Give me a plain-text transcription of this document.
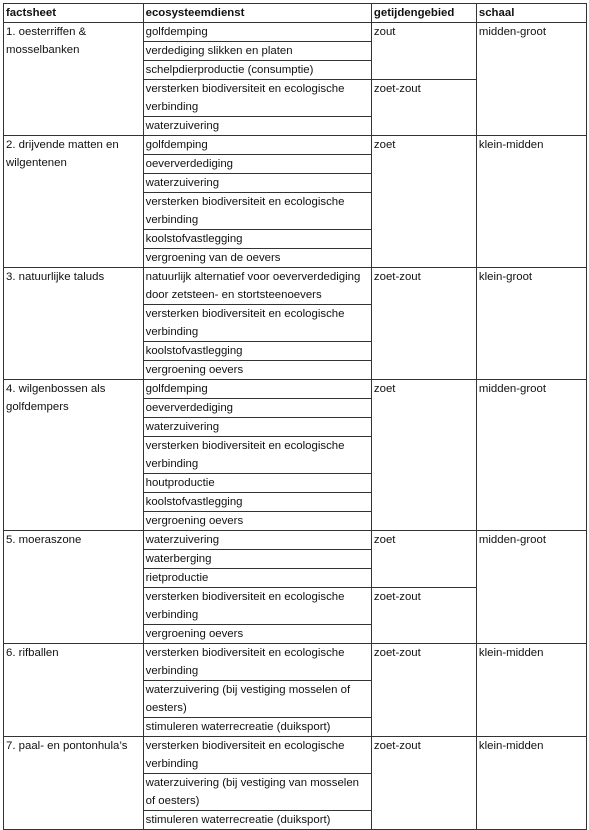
factsheet	ecosysteemdienst	getijdengebied	schaal
1. oesterriffen & mosselbanken	golfdemping	zout	midden-groot
	verdediging slikken en platen		
	schelpdierproductie (consumptie)		
	versterken biodiversiteit en ecologische verbinding	zoet-zout	
	waterzuivering		
2. drijvende matten en wilgentenen	golfdemping	zoet	klein-midden
	oeververdediging		
	waterzuivering		
	versterken biodiversiteit en ecologische verbinding		
	koolstofvastlegging		
	vergroening van de oevers		
3. natuurlijke taluds	natuurlijk alternatief voor oeververdediging door zetsteen- en stortsteenoevers	zoet-zout	klein-groot
	versterken biodiversiteit en ecologische verbinding		
	koolstofvastlegging		
	vergroening oevers		
4. wilgenbossen als golfdempers	golfdemping	zoet	midden-groot
	oeververdediging		
	waterzuivering		
	versterken biodiversiteit en ecologische verbinding		
	houtproductie		
	koolstofvastlegging		
	vergroening oevers		
5. moeraszone	waterzuivering	zoet	midden-groot
	waterberging		
	rietproductie		
	versterken biodiversiteit en ecologische verbinding	zoet-zout	
	vergroening oevers		
6. rifballen	versterken biodiversiteit en ecologische verbinding	zoet-zout	klein-midden
	waterzuivering (bij vestiging mosselen of oesters)		
	stimuleren waterrecreatie (duiksport)		
7. paal- en pontonhula’s	versterken biodiversiteit en ecologische verbinding	zoet-zout	klein-midden
	waterzuivering (bij vestiging van mosselen of oesters)		
	stimuleren waterrecreatie (duiksport)		
